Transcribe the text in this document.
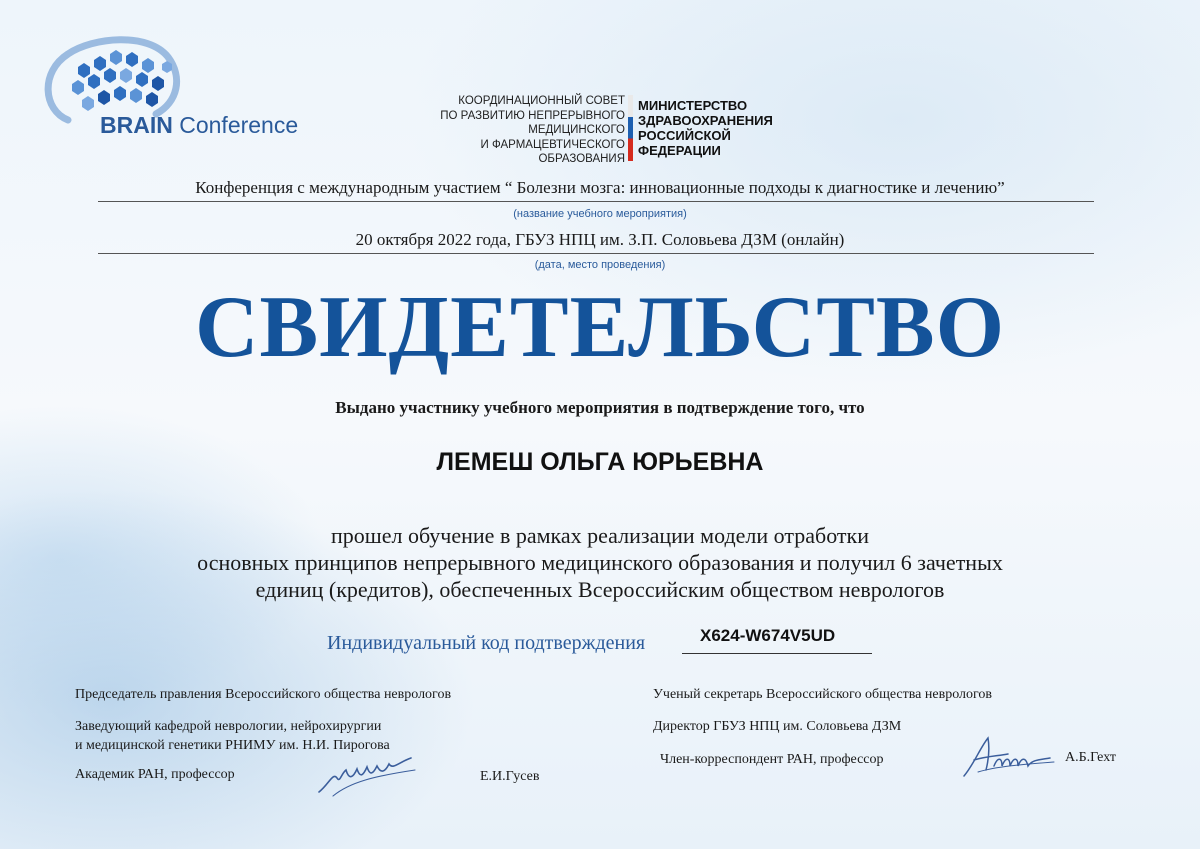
BRAIN Conference
КООРДИНАЦИОННЫЙ СОВЕТ
ПО РАЗВИТИЮ НЕПРЕРЫВНОГО
МЕДИЦИНСКОГО
И ФАРМАЦЕВТИЧЕСКОГО
ОБРАЗОВАНИЯ
МИНИСТЕРСТВО
ЗДРАВООХРАНЕНИЯ
РОССИЙСКОЙ
ФЕДЕРАЦИИ
Конференция с международным участием “ Болезни мозга: инновационные подходы к диагностике и лечению”
(название учебного мероприятия)
20 октября 2022 года, ГБУЗ НПЦ им. З.П. Соловьева ДЗМ (онлайн)
(дата, место проведения)
СВИДЕТЕЛЬСТВО
Выдано участнику учебного мероприятия в подтверждение того, что
ЛЕМЕШ ОЛЬГА ЮРЬЕВНА
прошел обучение в рамках реализации модели отработки
основных принципов непрерывного медицинского образования и получил 6 зачетных
единиц (кредитов), обеспеченных Всероссийским обществом неврологов
Индивидуальный код подтверждения	X624-W674V5UD
Председатель правления Всероссийского общества неврологов
Заведующий кафедрой неврологии, нейрохирургии
и медицинской генетики РНИМУ им. Н.И. Пирогова
Академик РАН, профессор	Е.И.Гусев
Ученый секретарь Всероссийского общества неврологов
Директор ГБУЗ НПЦ им. Соловьева ДЗМ
Член-корреспондент РАН, профессор	А.Б.Гехт
